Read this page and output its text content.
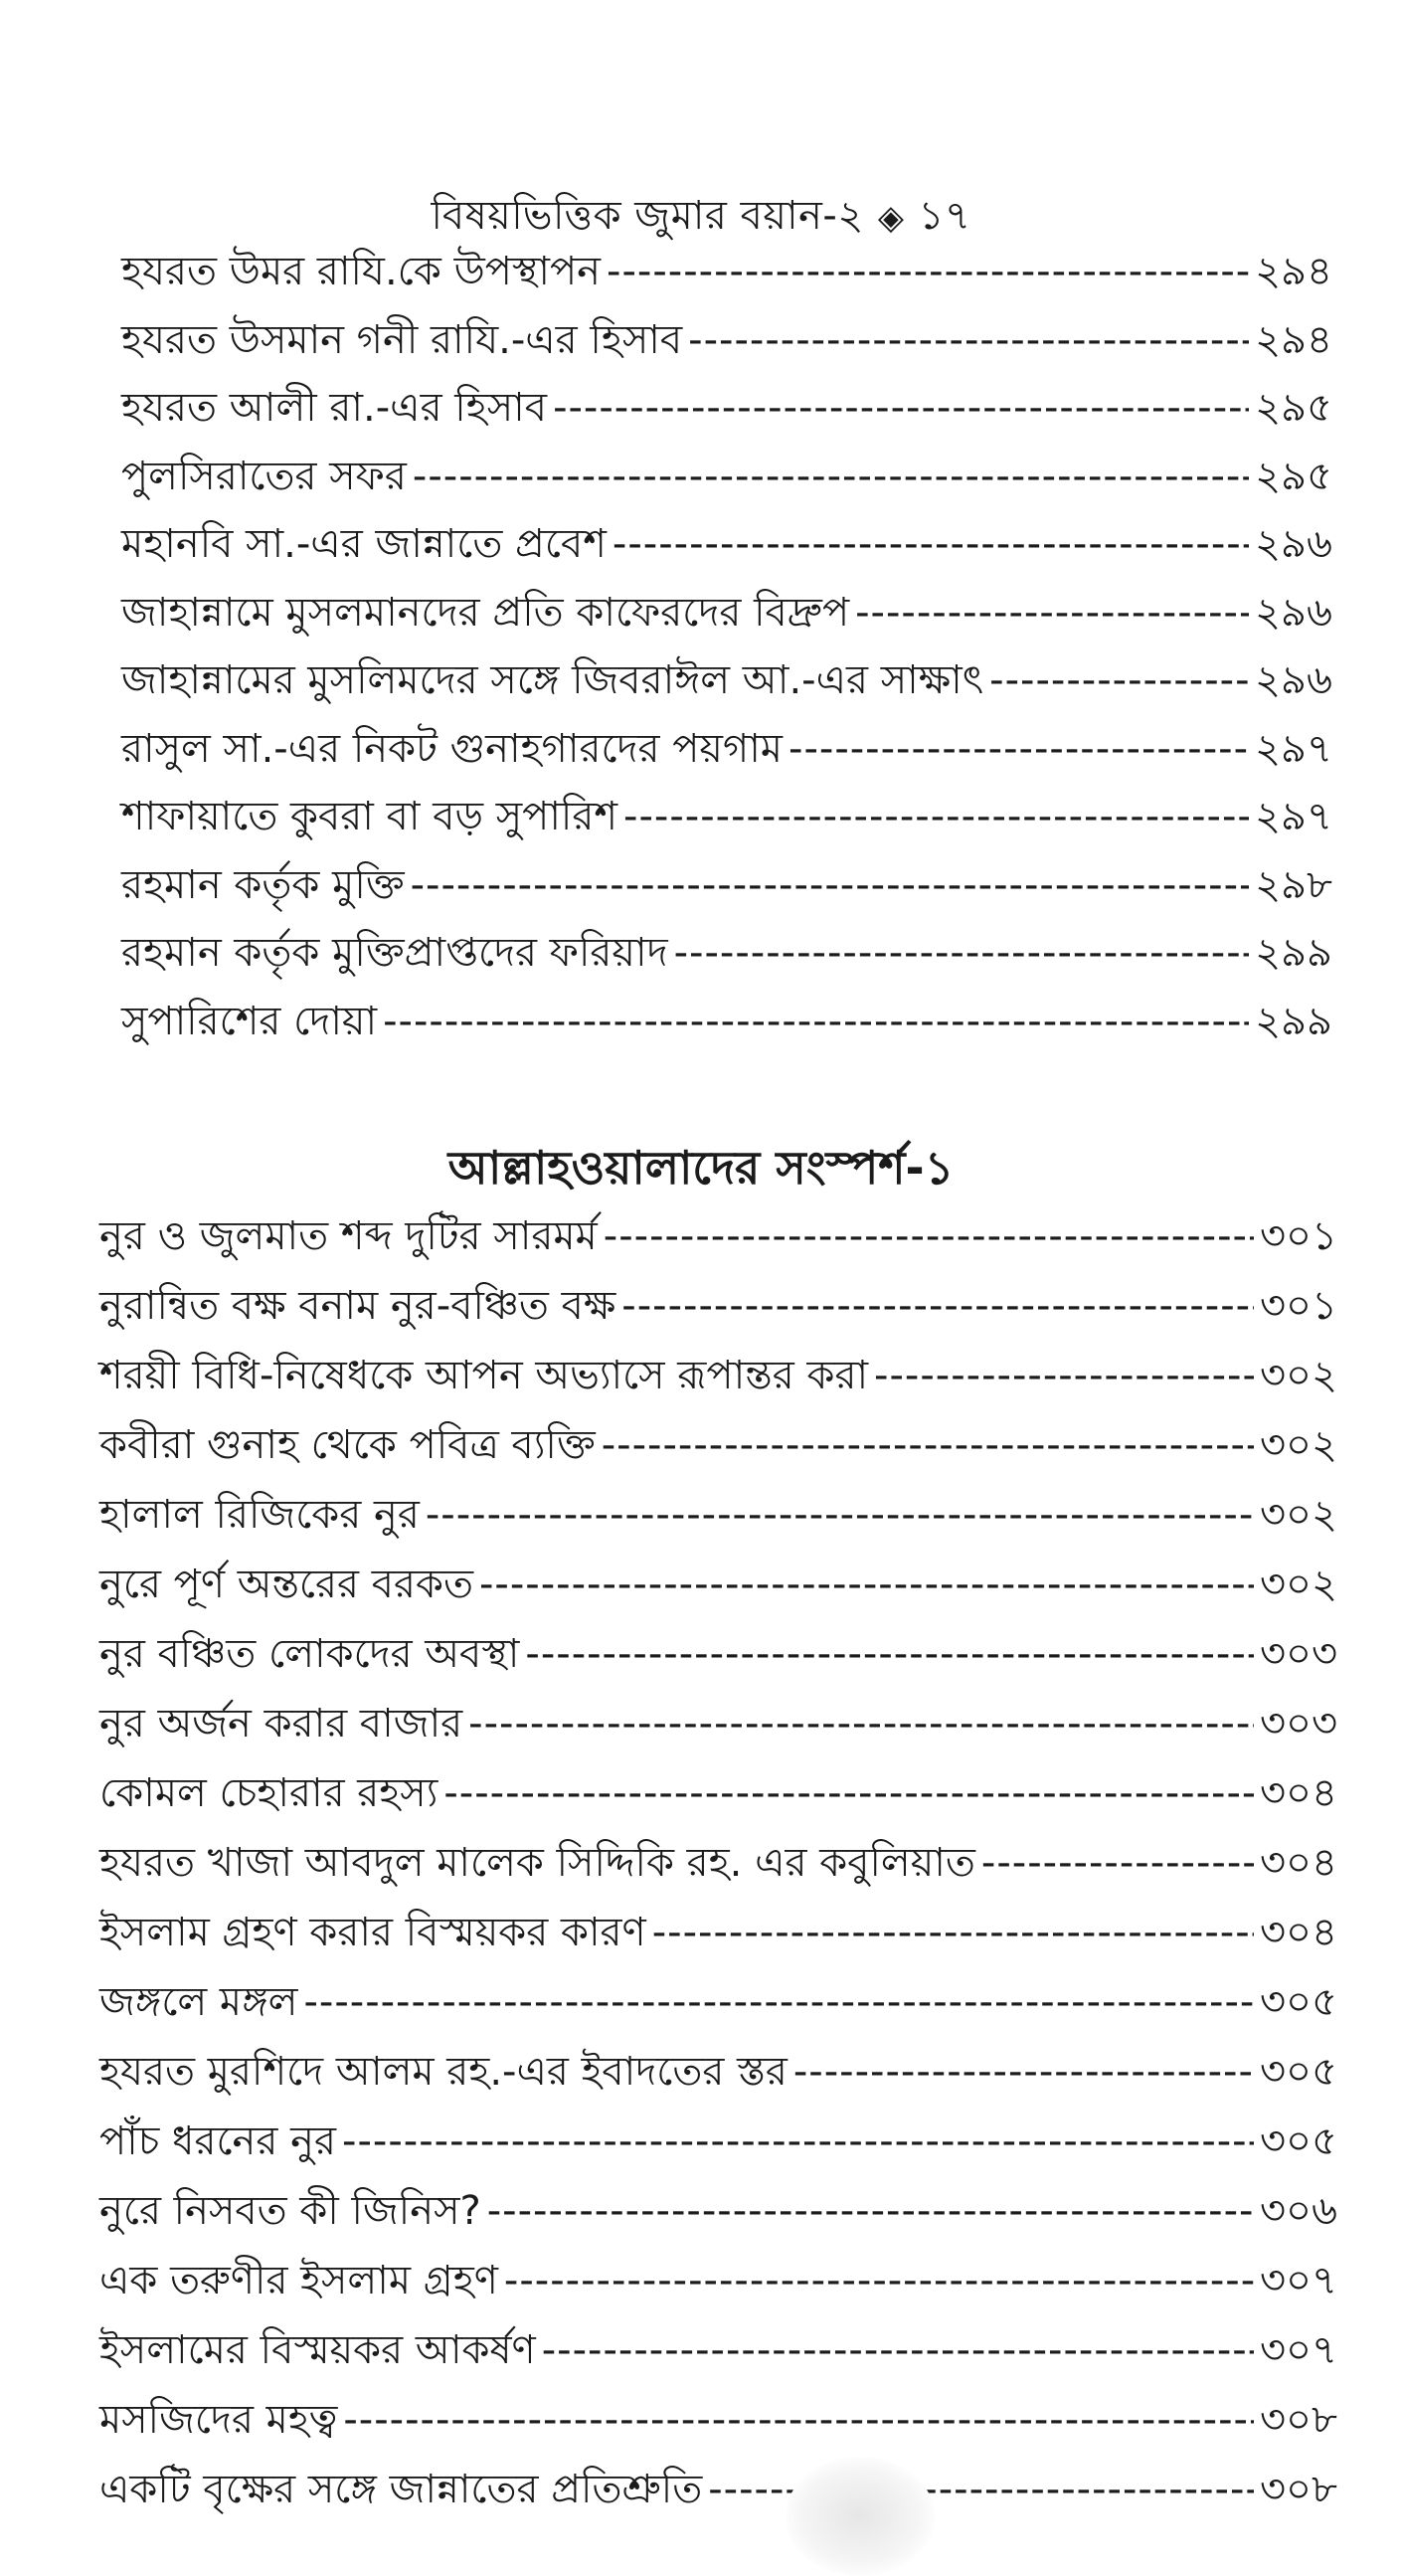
বিষয়ভিত্তিক জুমার বয়ান-২ ◈ ১৭
হযরত উমর রাযি.কে উপস্থাপন -----	২৯৪
হযরত উসমান গনী রাযি.-এর হিসাব -----	২৯৪
হযরত আলী রা.-এর হিসাব -----	২৯৫
পুলসিরাতের সফর -----	২৯৫
মহানবি সা.-এর জান্নাতে প্রবেশ -----	২৯৬
জাহান্নামে মুসলমানদের প্রতি কাফেরদের বিদ্রুপ -----	২৯৬
জাহান্নামের মুসলিমদের সঙ্গে জিবরাঈল আ.-এর সাক্ষাৎ -----	২৯৬
রাসুল সা.-এর নিকট গুনাহগারদের পয়গাম -----	২৯৭
শাফায়াতে কুবরা বা বড় সুপারিশ -----	২৯৭
রহমান কর্তৃক মুক্তি -----	২৯৮
রহমান কর্তৃক মুক্তিপ্রাপ্তদের ফরিয়াদ -----	২৯৯
সুপারিশের দোয়া -----	২৯৯
আল্লাহওয়ালাদের সংস্পর্শ-১
নুর ও জুলমাত শব্দ দুটির সারমর্ম -----	৩০১
নুরান্বিত বক্ষ বনাম নুর-বঞ্চিত বক্ষ -----	৩০১
শরয়ী বিধি-নিষেধকে আপন অভ্যাসে রূপান্তর করা -----	৩০২
কবীরা গুনাহ থেকে পবিত্র ব্যক্তি -----	৩০২
হালাল রিজিকের নুর -----	৩০২
নুরে পূর্ণ অন্তরের বরকত -----	৩০২
নুর বঞ্চিত লোকদের অবস্থা -----	৩০৩
নুর অর্জন করার বাজার -----	৩০৩
কোমল চেহারার রহস্য -----	৩০৪
হযরত খাজা আবদুল মালেক সিদ্দিকি রহ. এর কবুলিয়াত -----	৩০৪
ইসলাম গ্রহণ করার বিস্ময়কর কারণ -----	৩০৪
জঙ্গলে মঙ্গল -----	৩০৫
হযরত মুরশিদে আলম রহ.-এর ইবাদতের স্তর -----	৩০৫
পাঁচ ধরনের নুর -----	৩০৫
নুরে নিসবত কী জিনিস? -----	৩০৬
এক তরুণীর ইসলাম গ্রহণ -----	৩০৭
ইসলামের বিস্ময়কর আকর্ষণ -----	৩০৭
মসজিদের মহত্ব -----	৩০৮
একটি বৃক্ষের সঙ্গে জান্নাতের প্রতিশ্রুতি -----	৩০৮
